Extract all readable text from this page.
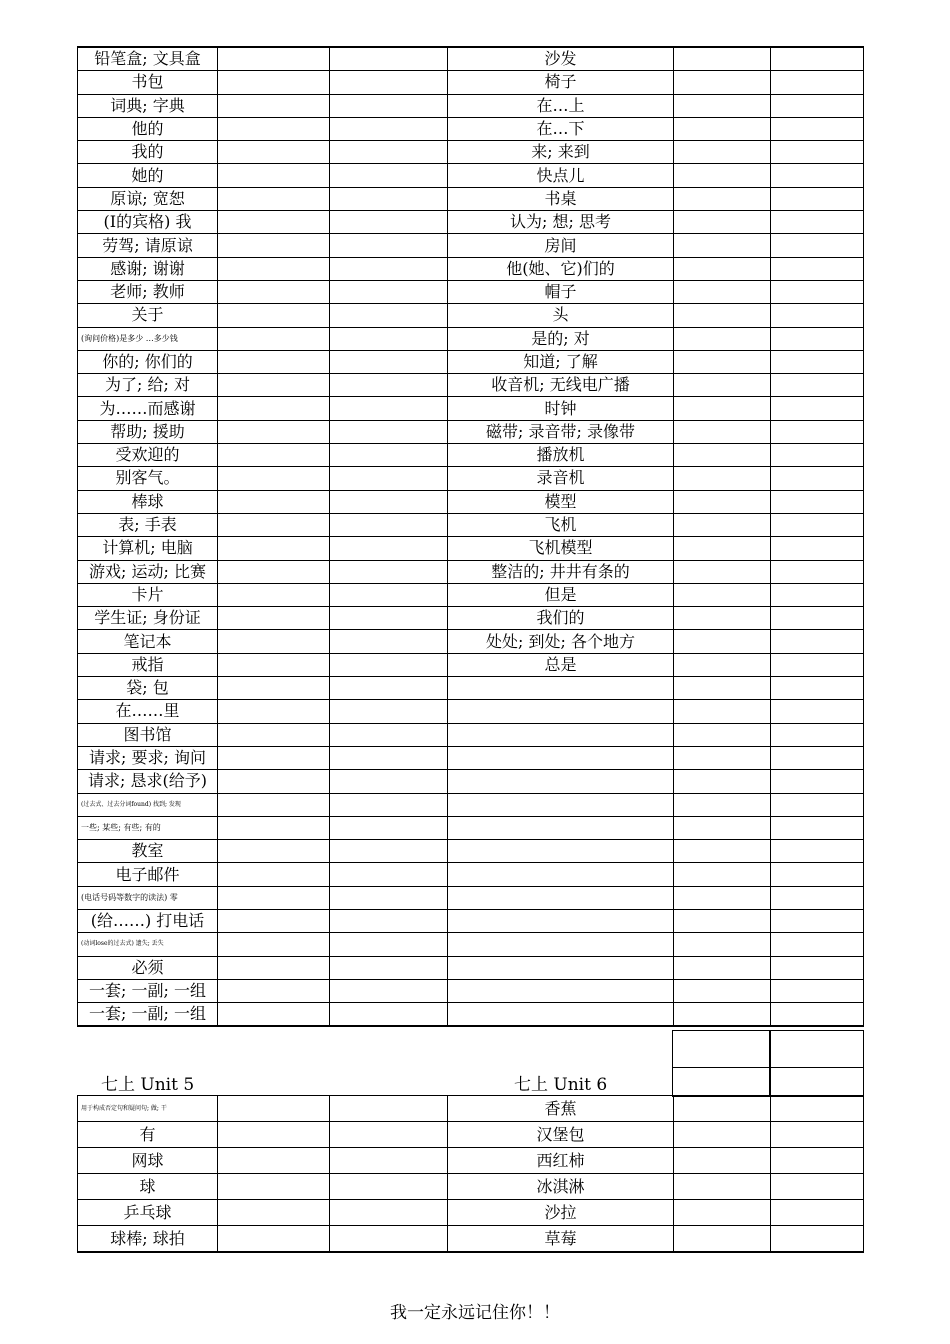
铅笔盒; 文具盒			沙发		
书包			椅子		
词典; 字典			在…上		
他的			在…下		
我的			来; 来到		
她的			快点儿		
原谅; 宽恕			书桌		
(I的宾格) 我			认为; 想; 思考		
劳驾; 请原谅			房间		
感谢; 谢谢			他(她、它)们的		
老师; 教师			帽子		
关于			头		
(询问价格)是多少 …多少钱			是的; 对		
你的; 你们的			知道; 了解		
为了; 给; 对			收音机; 无线电广播		
为……而感谢			时钟		
帮助; 援助			磁带; 录音带; 录像带		
受欢迎的			播放机		
别客气。			录音机		
棒球			模型		
表; 手表			飞机		
计算机; 电脑			飞机模型		
游戏; 运动; 比赛			整洁的; 井井有条的		
卡片			但是		
学生证; 身份证			我们的		
笔记本			处处; 到处; 各个地方		
戒指			总是		
袋; 包					
在……里					
图书馆					
请求; 要求; 询问					
请求; 恳求(给予)					
(过去式、过去分词found) 找到; 发现					
一些; 某些; 有些; 有的					
教室					
电子邮件					
(电话号码等数字的读法) 零					
(给……) 打电话					
(动词lose的过去式) 遗失; 丢失					
必须					
一套; 一副; 一组					
一套; 一副; 一组					
七上 Unit 5	七上 Unit 6
用于构成否定句和疑问句; 做; 干			香蕉		
有			汉堡包		
网球			西红柿		
球			冰淇淋		
乒乓球			沙拉		
球棒; 球拍			草莓		
我一定永远记住你！！
